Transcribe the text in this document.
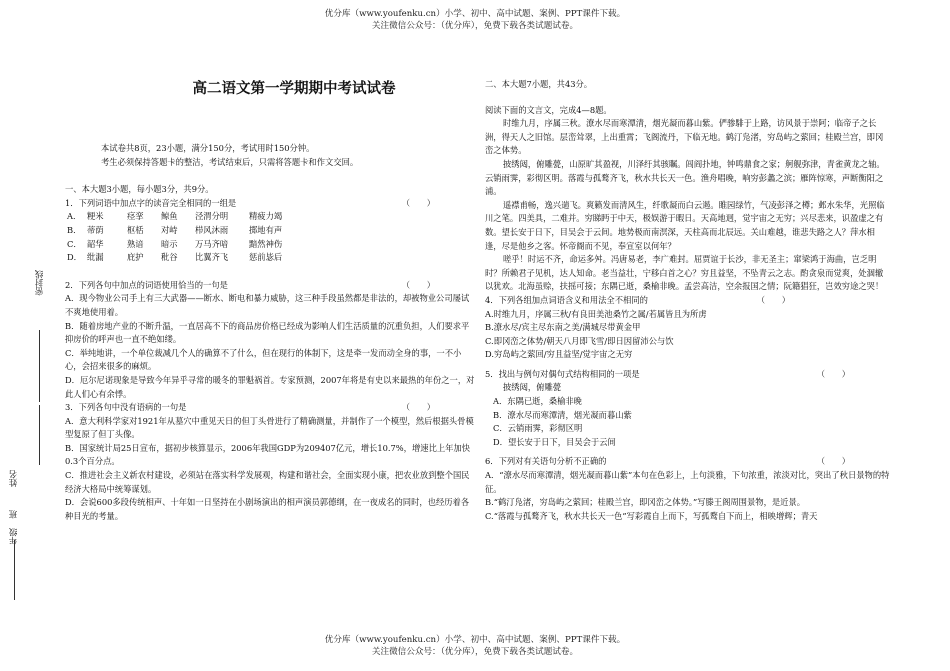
优分库（www.youfenku.cn）小学、初中、高中试题、案例、PPT课件下载。
关注微信公众号：（优分库），免费下载各类试题试卷。
密封线
姓名
班
年级
高二语文第一学期期中考试试卷

本试卷共8页，23小题，满分150分，考试用时150分钟。

考生必须保持答题卡的整洁，考试结束后，只需将答题卡和作文交回。

一、本大题3小题，每小题3分，共9分。

1．下列词语中加点字的读音完全相同的一组是	（　　）
A． 粳米	痉挛	鲸鱼	泾渭分明	精疲力竭
B． 蒂荫	枢栝	对峙	栉风沐雨	掷地有声
C． 韶华	熟谙	暗示	万马齐喑	黯然神伤
D． 纰漏	庇护	秕谷	比翼齐飞	惩前毖后
2．下列各句中加点的词语使用恰当的一句是	（　　）

A．现今物业公司手上有三大武器——断水、断电和暴力威胁，这三种手段虽然都是非法的，却被物业公司屡试不爽地使用着。

B．随着房地产业的不断升温，一直居高不下的商品房价格已经成为影响人们生活质量的沉重负担，人们要求平抑房价的呼声也一直不绝如缕。

C．举纯地讲，一个单位裁减几个人的确算不了什么，但在现行的体制下，这是牵一发而动全身的事，一不小心，会招来很多的麻烦。

D．厄尔尼诺现象是导致今年异乎寻常的暖冬的罪魁祸首。专家预测，2007年将是有史以来最热的年份之一，对此人们心有余悸。

3．下列各句中没有语病的一句是	（　　）

A．意大利科学家对1921年从墓穴中重见天日的但丁头骨进行了精确测量，并制作了一个模型，然后根据头骨模型复原了但丁头像。

B．国家统计局25日宣布，据初步核算显示，2006年我国GDP为209407亿元，增长10.7%，增速比上年加快0.3个百分点。

C．推进社会主义新农村建设，必须站在落实科学发展观，构建和谐社会，全面实现小康，把农业放到整个国民经济大格局中统筹谋划。

D．会说600多段传统相声、十年如一日坚持在小剧场演出的相声演员郭德纲，在一夜成名的同时，也经历着各种目光的考量。

二、本大题7小题，共43分。

阅读下面的文言文，完成4—8题。

时维九月，序属三秋。潦水尽而寒潭清，烟光凝而暮山紫。俨骖騑于上路，访风景于崇阿；临帝子之长洲，得天人之旧馆。层峦耸翠，上出重霄；飞阁流丹，下临无地。鹤汀凫渚，穷岛屿之萦回；桂殿兰宫，即冈峦之体势。

披绣闼，俯雕甍，山原旷其盈视，川泽纡其骇瞩。闾阎扑地，钟鸣鼎食之家；舸舰弥津，青雀黄龙之轴。云销雨霁，彩彻区明。落霞与孤鹜齐飞，秋水共长天一色。渔舟唱晚，响穷彭蠡之滨；雁阵惊寒，声断衡阳之浦。

遥襟甫畅，逸兴遄飞。爽籁发而清风生，纤歌凝而白云遏。睢园绿竹，气凌彭泽之樽；邺水朱华，光照临川之笔。四美具，二难并。穷睇眄于中天，极娱游于暇日。天高地迥，觉宇宙之无穷；兴尽悲来，识盈虚之有数。望长安于日下，目吴会于云间。地势极而南溟深，天柱高而北辰远。关山难越，谁悲失路之人？萍水相逢，尽是他乡之客。怀帝阍而不见，奉宣室以何年？

嗟乎！时运不齐，命运多舛。冯唐易老，李广难封。屈贾谊于长沙，非无圣主；窜梁鸿于海曲，岂乏明时？所赖君子见机，达人知命。老当益壮，宁移白首之心？穷且益坚，不坠青云之志。酌贪泉而觉爽，处涸辙以犹欢。北海虽赊，扶摇可接；东隅已逝，桑榆非晚。孟尝高洁，空余报国之情；阮籍猖狂，岂效穷途之哭！

4．下列各组加点词语含义和用法全不相同的	（　　）

A.时维九月，序属三秋/有良田美池桑竹之属/若属皆且为所虏

B.潦水尽/宾主尽东南之美/满城尽带黄金甲

C.即冈峦之体势/朝天八月即飞雪/即日因留沛公与饮

D.穷岛屿之萦回/穷且益坚/觉宇宙之无穷

5．找出与例句对偶句式结构相同的一项是	（　　）

披绣闼，俯雕甍

A．东隅已逝，桑榆非晚

B．潦水尽而寒潭清，烟光凝而暮山紫

C．云销雨霁，彩彻区明

D．望长安于日下，目吴会于云间

6．下列对有关语句分析不正确的	（　　）

A．“潦水尽而寒潭清，烟光凝而暮山紫”本句在色彩上，上句淡雅，下句浓重，浓淡对比，突出了秋日景物的特征。

B.“鹤汀凫渚，穷岛屿之萦回；桂殿兰宫，即冈峦之体势。”写滕王阁周围景物，是近景。

C.“落霞与孤鹜齐飞，秋水共长天一色”写彩霞自上而下，写孤鹜自下而上，相映增辉；青天

优分库（www.youfenku.cn）小学、初中、高中试题、案例、PPT课件下载。
关注微信公众号：（优分库），免费下载各类试题试卷。
